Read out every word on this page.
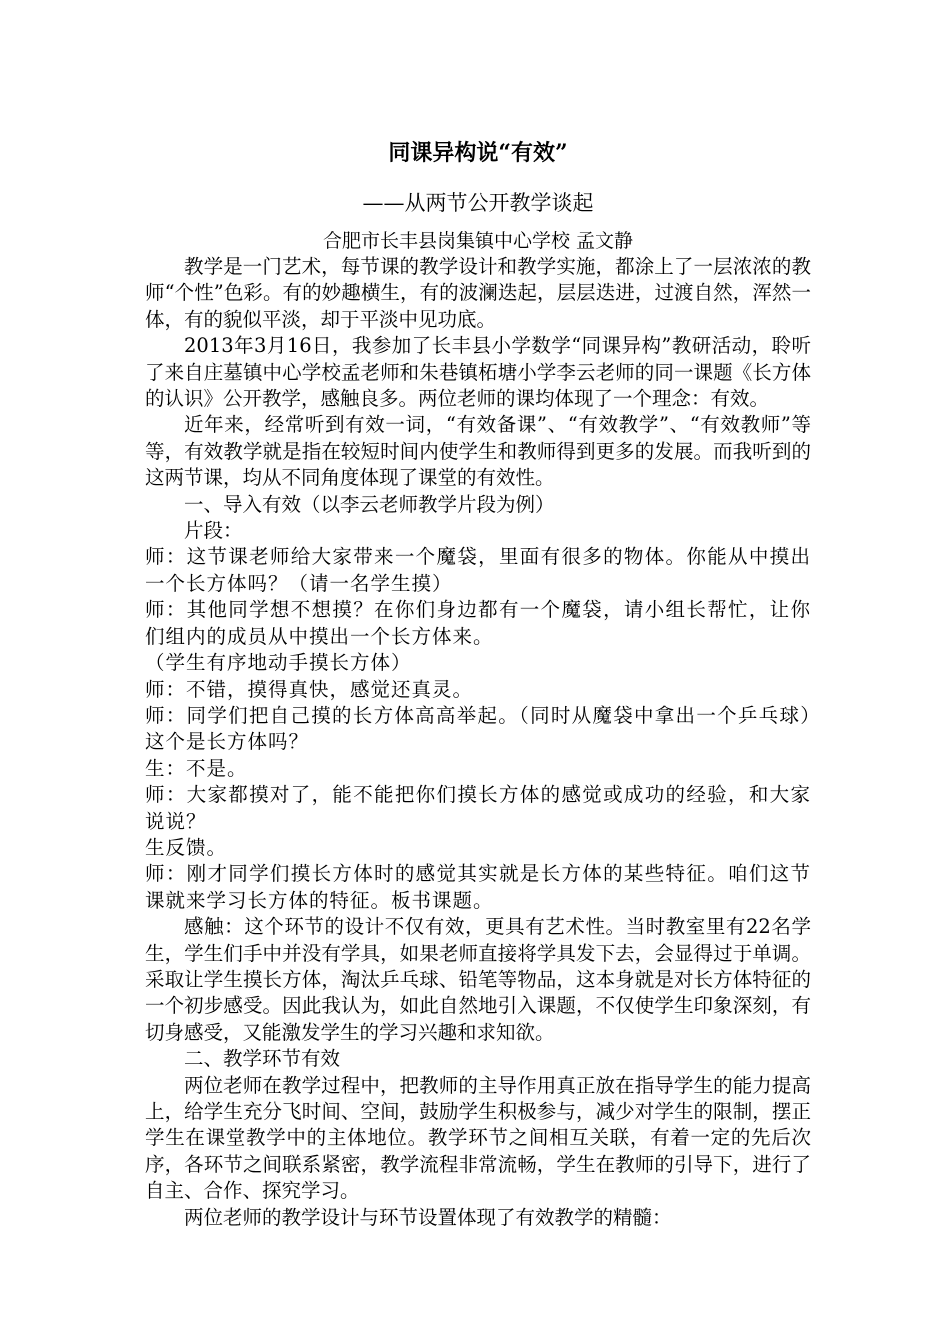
同课异构说“有效”
——从两节公开教学谈起
合肥市长丰县岗集镇中心学校 孟文静

教学是一门艺术，每节课的教学设计和教学实施，都涂上了一层浓浓的教师“个性”色彩。有的妙趣横生，有的波澜迭起，层层迭进，过渡自然，浑然一体，有的貌似平淡，却于平淡中见功底。

2013年3月16日，我参加了长丰县小学数学“同课异构”教研活动，聆听了来自庄墓镇中心学校孟老师和朱巷镇柘塘小学李云老师的同一课题《长方体的认识》公开教学，感触良多。两位老师的课均体现了一个理念：有效。

近年来，经常听到有效一词，“有效备课”、“有效教学”、“有效教师”等等，有效教学就是指在较短时间内使学生和教师得到更多的发展。而我听到的这两节课，均从不同角度体现了课堂的有效性。

一、导入有效（以李云老师教学片段为例）

片段：

师：这节课老师给大家带来一个魔袋，里面有很多的物体。你能从中摸出一个长方体吗？（请一名学生摸）

师：其他同学想不想摸？在你们身边都有一个魔袋，请小组长帮忙，让你们组内的成员从中摸出一个长方体来。

（学生有序地动手摸长方体）

师：不错，摸得真快，感觉还真灵。

师：同学们把自己摸的长方体高高举起。（同时从魔袋中拿出一个乒乓球）这个是长方体吗？

生：不是。

师：大家都摸对了，能不能把你们摸长方体的感觉或成功的经验，和大家说说？

生反馈。

师：刚才同学们摸长方体时的感觉其实就是长方体的某些特征。咱们这节课就来学习长方体的特征。板书课题。

感触：这个环节的设计不仅有效，更具有艺术性。当时教室里有22名学生，学生们手中并没有学具，如果老师直接将学具发下去，会显得过于单调。采取让学生摸长方体，淘汰乒乓球、铅笔等物品，这本身就是对长方体特征的一个初步感受。因此我认为，如此自然地引入课题，不仅使学生印象深刻，有切身感受，又能激发学生的学习兴趣和求知欲。

二、教学环节有效

两位老师在教学过程中，把教师的主导作用真正放在指导学生的能力提高上，给学生充分飞时间、空间，鼓励学生积极参与，减少对学生的限制，摆正学生在课堂教学中的主体地位。教学环节之间相互关联，有着一定的先后次序，各环节之间联系紧密，教学流程非常流畅，学生在教师的引导下，进行了自主、合作、探究学习。

两位老师的教学设计与环节设置体现了有效教学的精髓：
